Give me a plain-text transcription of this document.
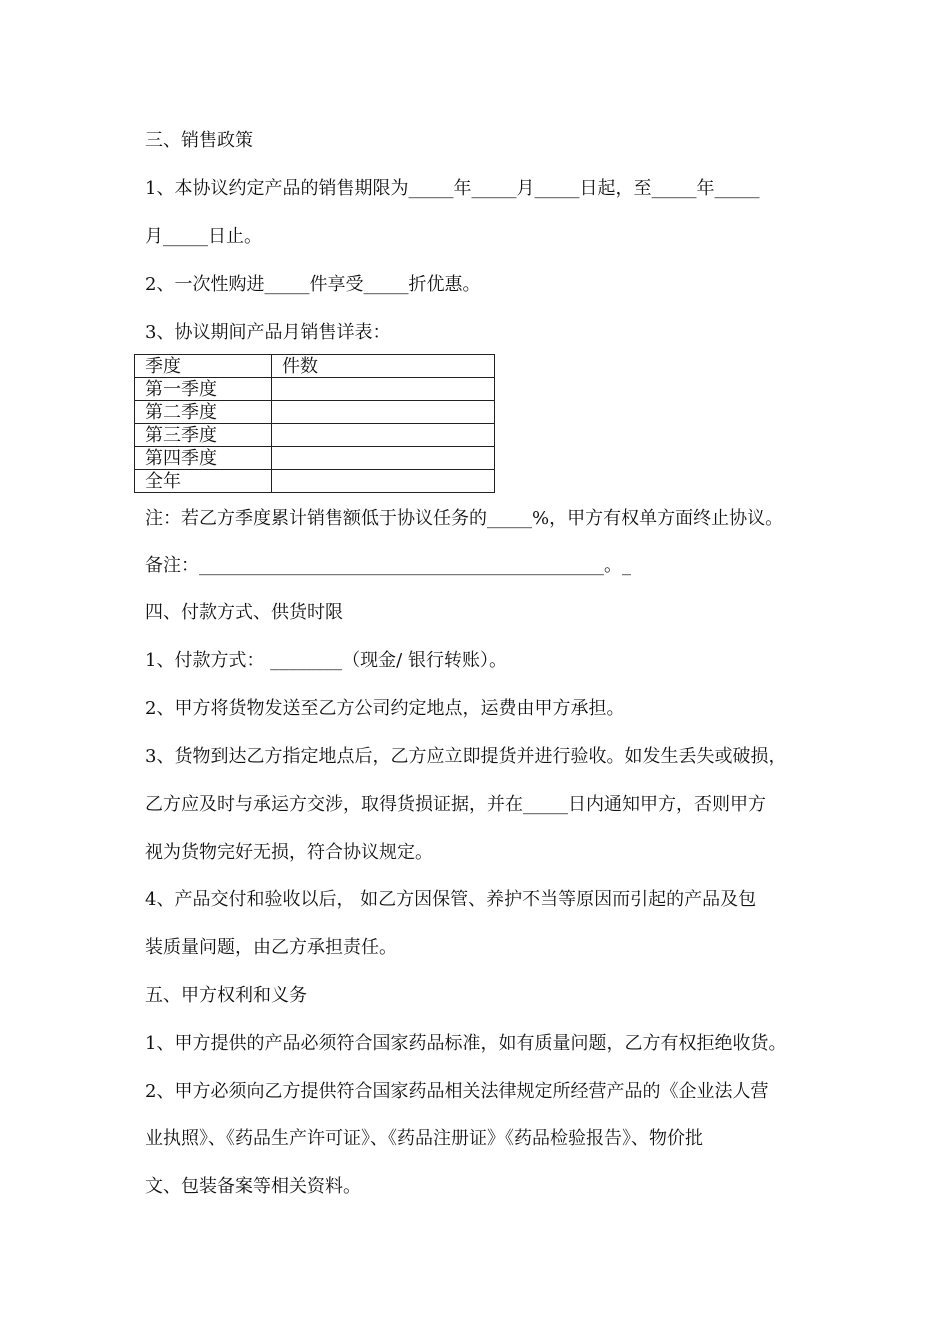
三、销售政策

1、本协议约定产品的销售期限为_____年_____月_____日起，至_____年_____

月_____日止。

2、一次性购进_____件享受_____折优惠。

3、协议期间产品月销售详表：

季度	件数
第一季度	
第二季度	
第三季度	
第四季度	
全年	

注：若乙方季度累计销售额低于协议任务的_____%，甲方有权单方面终止协议。

备注：_____________________________________________。_

四、付款方式、供货时限

1、付款方式： ________（现金/ 银行转账）。

2、甲方将货物发送至乙方公司约定地点，运费由甲方承担。

3、货物到达乙方指定地点后，乙方应立即提货并进行验收。如发生丢失或破损，

乙方应及时与承运方交涉，取得货损证据，并在_____日内通知甲方，否则甲方

视为货物完好无损，符合协议规定。

4、产品交付和验收以后， 如乙方因保管、养护不当等原因而引起的产品及包

装质量问题，由乙方承担责任。

五、甲方权利和义务

1、甲方提供的产品必须符合国家药品标准，如有质量问题，乙方有权拒绝收货。

2、甲方必须向乙方提供符合国家药品相关法律规定所经营产品的《企业法人营

业执照》、《药品生产许可证》、《药品注册证》《药品检验报告》、物价批

文、包装备案等相关资料。
